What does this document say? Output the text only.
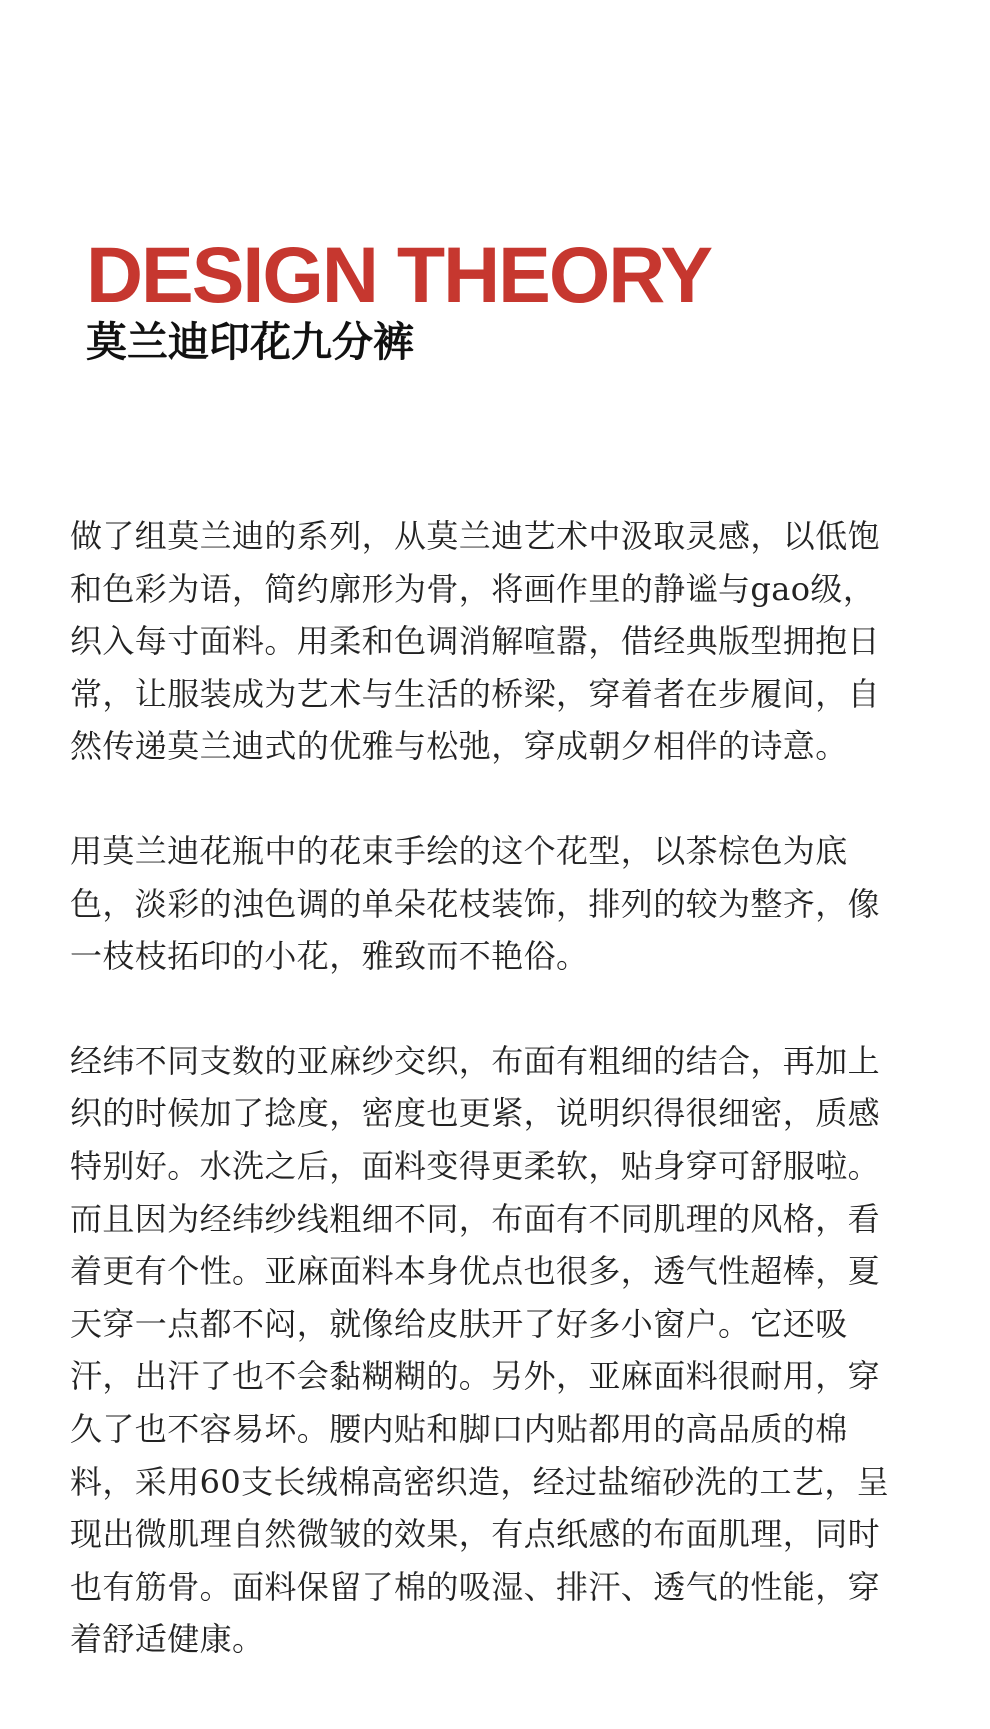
DESIGN THEORY
莫兰迪印花九分裤

做了组莫兰迪的系列，从莫兰迪艺术中汲取灵感，以低饱和色彩为语，简约廓形为骨，将画作里的静谧与gao级，织入每寸面料。用柔和色调消解喧嚣，借经典版型拥抱日常，让服装成为艺术与生活的桥梁，穿着者在步履间，自然传递莫兰迪式的优雅与松弛，穿成朝夕相伴的诗意。

用莫兰迪花瓶中的花束手绘的这个花型，以茶棕色为底色，淡彩的浊色调的单朵花枝装饰，排列的较为整齐，像一枝枝拓印的小花，雅致而不艳俗。

经纬不同支数的亚麻纱交织，布面有粗细的结合，再加上织的时候加了捻度，密度也更紧，说明织得很细密，质感特别好。水洗之后，面料变得更柔软，贴身穿可舒服啦。而且因为经纬纱线粗细不同，布面有不同肌理的风格，看着更有个性。亚麻面料本身优点也很多，透气性超棒，夏天穿一点都不闷，就像给皮肤开了好多小窗户。它还吸汗，出汗了也不会黏糊糊的。另外，亚麻面料很耐用，穿久了也不容易坏。腰内贴和脚口内贴都用的高品质的棉料，采用60支长绒棉高密织造，经过盐缩砂洗的工艺，呈现出微肌理自然微皱的效果，有点纸感的布面肌理，同时也有筋骨。面料保留了棉的吸湿、排汗、透气的性能，穿着舒适健康。
